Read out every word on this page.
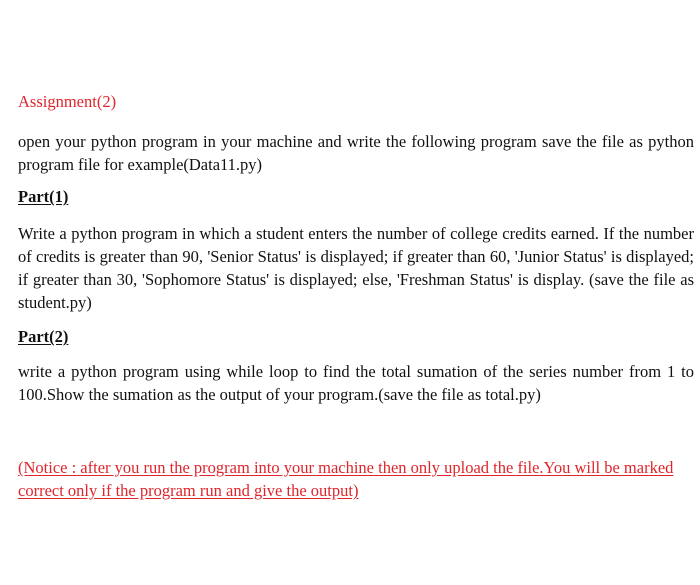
Assignment(2)
open your python program in your machine and write the following program save the file as python program file for example(Data11.py)
Part(1)
Write a python program in which a student enters the number of college credits earned. If the number of credits is greater than 90, 'Senior Status' is displayed; if greater than 60, 'Junior Status' is displayed; if greater than 30, 'Sophomore Status' is displayed; else, 'Freshman Status' is display. (save the file as student.py)
Part(2)
write a python program using while loop to find the total sumation of the series number from 1 to 100.Show the sumation as the output of your program.(save the file as total.py)
(Notice : after you run the program into your machine then only upload the file.You will be marked correct only if the program run and give the output)
